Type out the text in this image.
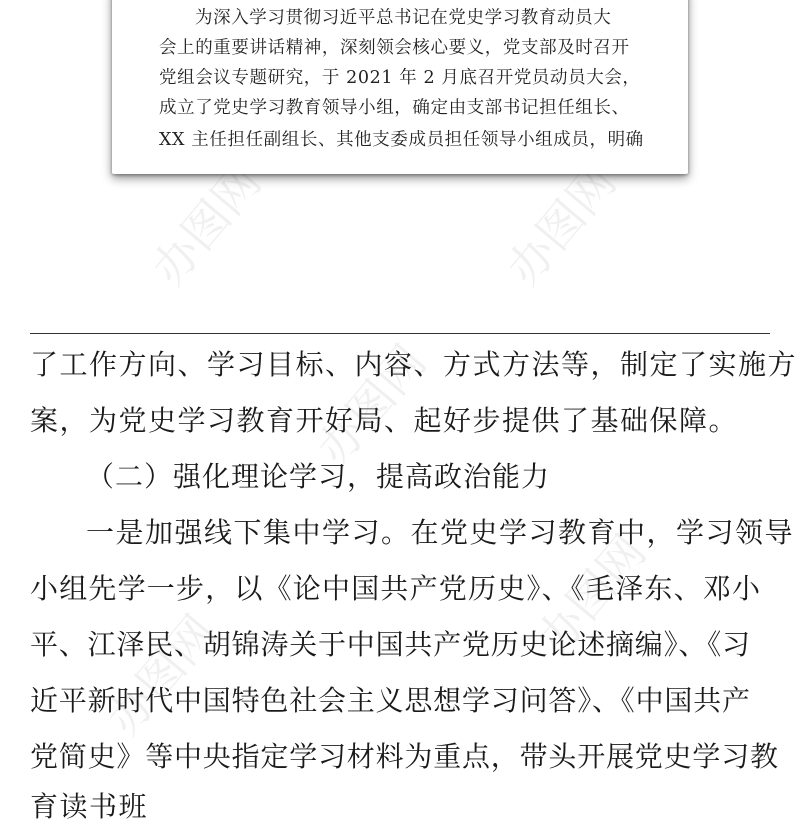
办图网	办图网
办图网
办图网
办图网
为深入学习贯彻习近平总书记在党史学习教育动员大
会上的重要讲话精神，深刻领会核心要义，党支部及时召开
党组会议专题研究，于 2021 年 2 月底召开党员动员大会，
成立了党史学习教育领导小组，确定由支部书记担任组长、
XX 主任担任副组长、其他支委成员担任领导小组成员，明确
了工作方向、学习目标、内容、方式方法等，制定了实施方
案，为党史学习教育开好局、起好步提供了基础保障。
（二）强化理论学习，提高政治能力
一是加强线下集中学习。在党史学习教育中，学习领导
小组先学一步，以《论中国共产党历史》、《毛泽东、邓小
平、江泽民、胡锦涛关于中国共产党历史论述摘编》、《习
近平新时代中国特色社会主义思想学习问答》、《中国共产
党简史》等中央指定学习材料为重点，带头开展党史学习教
育读书班
